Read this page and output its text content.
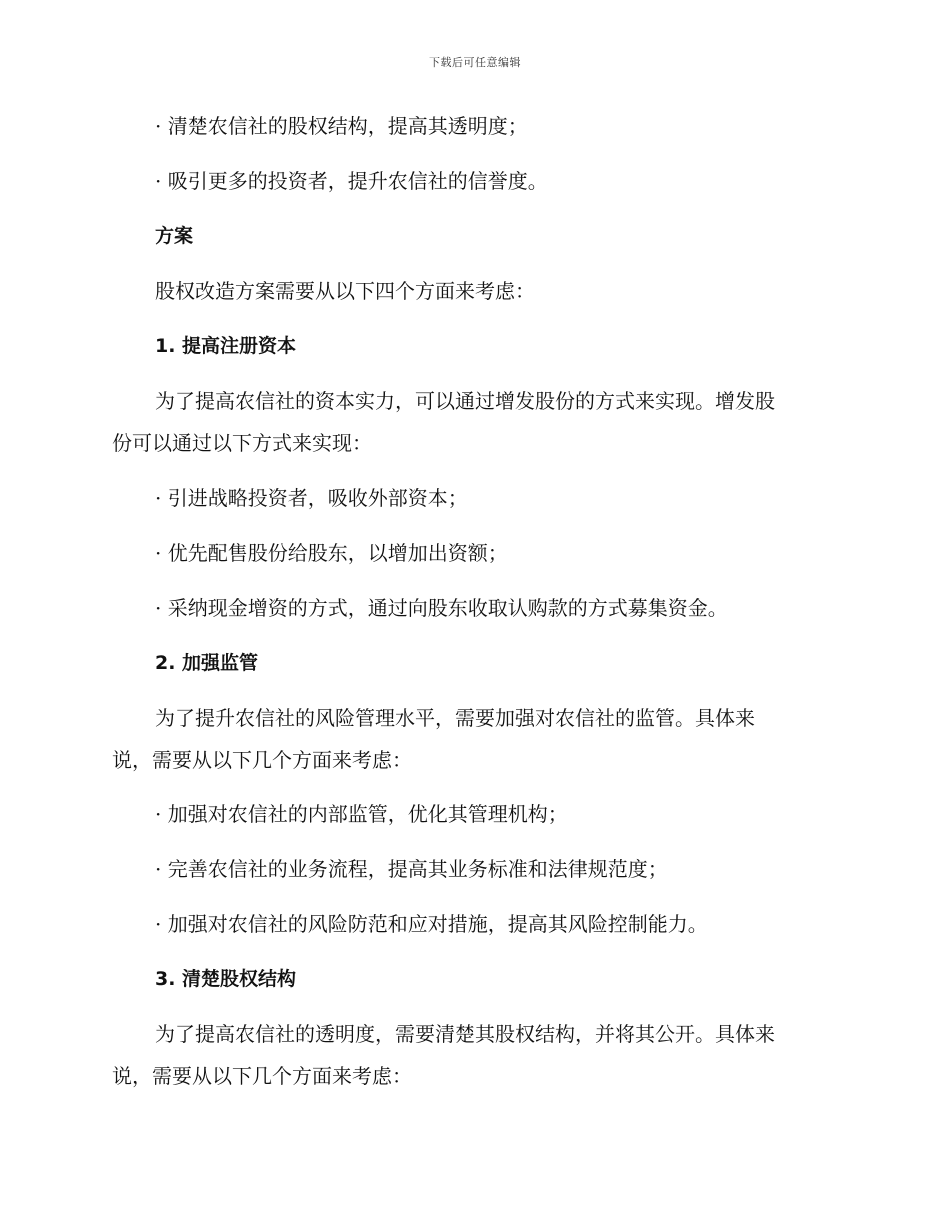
下载后可任意编辑
· 清楚农信社的股权结构，提高其透明度；
· 吸引更多的投资者，提升农信社的信誉度。
方案
股权改造方案需要从以下四个方面来考虑：
1. 提高注册资本
为了提高农信社的资本实力，可以通过增发股份的方式来实现。增发股
份可以通过以下方式来实现：
· 引进战略投资者，吸收外部资本；
· 优先配售股份给股东，以增加出资额；
· 采纳现金增资的方式，通过向股东收取认购款的方式募集资金。
2. 加强监管
为了提升农信社的风险管理水平，需要加强对农信社的监管。具体来
说，需要从以下几个方面来考虑：
· 加强对农信社的内部监管，优化其管理机构；
· 完善农信社的业务流程，提高其业务标准和法律规范度；
· 加强对农信社的风险防范和应对措施，提高其风险控制能力。
3. 清楚股权结构
为了提高农信社的透明度，需要清楚其股权结构，并将其公开。具体来
说，需要从以下几个方面来考虑：
